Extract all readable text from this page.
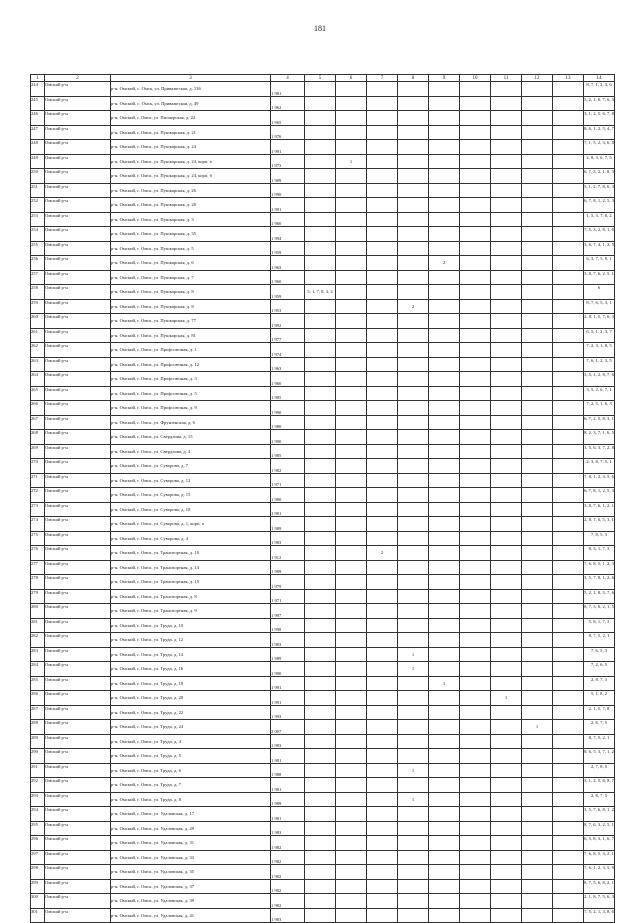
181
1	2	3	4	5	6	7	8	9	10	11	12	13	14
244	Омский р-н	р-н. Омский, с. Омск, ул. Приважеская, д. 136	1 981										8, 7, 1, 2, 3, 6
245	Омский р-н	р-н. Омский, с. Омск, ул. Приважеская, д. 49	1 962										5, 2, 1, 6, 7, 6, 3
246	Омский р-н	р-н. Омский, г. Омск, ул. Пионерская, д. 22	1 965										3, 1, 2, 5, 6, 7, 8
247	Омский р-н	р-н. Омский, г. Омск, ул. Пушкарская, д. 21	1 976										8, 6, 1, 2, 5, 4, 7
248	Омский р-н	р-н. Омский, г. Омск, ул. Пушкарская, д. 24	1 991										7, 1, 5, 2, 3, 6, 8
249	Омский р-н	р-н. Омский, г. Омск, ул. Пушкарская, д. 24, корп. а	1 973		1								2, 8, 3, 6, 7, 5
250	Омский р-н	р-н. Омский, г. Омск, ул. Пушкарская, д. 24, корп. б	1 989										6, 7, 5, 2, 1, 8, 3
251	Омский р-н	р-н. Омский, г. Омск, ул. Пушкарская, д. 26	1 990										5, 1, 2, 7, 8, 6, 3
252	Омский р-н	р-н. Омский, г. Омск, ул. Пушкарская, д. 28	1 991										6, 7, 8, 1, 2, 5, 3
253	Омский р-н	р-н. Омский, г. Омск, ул. Пушкарская, д. 3	1 960										1, 5, 3, 7, 8, 2
254	Омский р-н	р-н. Омский, г. Омск, ул. Пушкарская, д. 35	1 994										7, 5, 3, 2, 8, 1, 6
255	Омский р-н	р-н. Омский, г. Омск, ул. Пушкарская, д. 5	1 959										3, 6, 7, 4, 1, 2, 5
256	Омский р-н	р-н. Омский, г. Омск, ул. Пушкарская, д. 6	1 963					2					6, 3, 7, 5, 8, 1
257	Омский р-н	р-н. Омский, г. Омск, ул. Пушкарская, д. 7	1 960										3, 8, 7, 6, 2, 5, 1
258	Омский р-н	р-н. Омский, г. Омск, ул. Пушкарская, д. 8	1 959	5, 1, 7, 8, 3, 2									6
259	Омский р-н	р-н. Омский, г. Омск, ул. Пушкарская, д. 8	1 953				2						8, 7, 6, 5, 3, 1
260	Омский р-н	р-н. Омский, г. Омск, ул. Пушкарская, д. 77	1 992										2, 8, 1, 5, 7, 6, 3
261	Омский р-н	р-н. Омский, г. Омск, ул. Пушкарская, д. 81	1 977										6, 5, 1, 2, 3, 7
262	Омский р-н	р-н. Омский, г. Омск, ул. Профсоюзная, д. 1	1 974										7, 2, 3, 1, 8, 5
263	Омский р-н	р-н. Омский, г. Омск, ул. Профсоюзная, д. 12	1 963										7, 6, 1, 2, 3, 5
264	Омский р-н	р-н. Омский, г. Омск, ул. Профсоюзная, д. 3	1 960										3, 5, 1, 2, 8, 7, 6
265	Омский р-н	р-н. Омский, г. Омск, ул. Профсоюзная, д. 5	1 985										3, 5, 2, 6, 7, 1
266	Омский р-н	р-н. Омский, г. Омск, ул. Профсоюзная, д. 9	1 990										7, 2, 5, 1, 6, 3
267	Омский р-н	р-н. Омский, г. Омск, ул. Фрунзенская, д. 6	1 980										6, 7, 2, 5, 8, 3, 1
268	Омский р-н	р-н. Омский, г. Омск, ул. Свердлова, д. 15	1 990										8, 2, 3, 7, 1, 6, 5
269	Омский р-н	р-н. Омский, г. Омск, ул. Свердлова, д. 4	1 985										1, 5, 6, 3, 7, 2, 8
270	Омский р-н	р-н. Омский, г. Омск, ул. Суворова, д. 7	1 982										2, 3, 8, 7, 5, 1
271	Омский р-н	р-н. Омский, г. Омск, ул. Суворова, д. 12	1 971										7, 8, 1, 2, 3, 5, 6
272	Омский р-н	р-н. Омский, г. Омск, ул. Суворова, д. 15	1 980										6, 7, 8, 1, 2, 5, 3
273	Омский р-н	р-н. Омский, г. Омск, ул. Суворова, д. 18	1 981										3, 8, 7, 6, 1, 2, 1
274	Омский р-н	р-н. Омский, г. Омск, ул. Суворова, д. 1, корп. а	1 989										2, 8, 7, 6, 5, 3, 1
275	Омский р-н	р-н. Омский, г. Омск, ул. Суворова, д. 4	1 983										7, 8, 5, 3
276	Омский р-н	р-н. Омский, г. Омск, ул. Транспортная, д. 10	1 912			2							8, 3, 1, 7, 3
277	Омский р-н	р-н. Омский, г. Омск, ул. Транспортная, д. 14	1 989										7, 6, 8, 5, 1, 2, 3
278	Омский р-н	р-н. Омский, г. Омск, ул. Транспортная, д. 15	1 979										3, 5, 7, 8, 1, 2, 6
279	Омский р-н	р-н. Омский, г. Омск, ул. Транспортная, д. 8	1 971										5, 2, 1, 8, 3, 7, 6
280	Омский р-н	р-н. Омский, г. Омск, ул. Транспортная, д. 9	1 997										8, 7, 3, 6, 2, 1, 5
281	Омский р-н	р-н. Омский, г. Омск, ул. Труда, д. 10	1 998										5, 8, 1, 7, 3
282	Омский р-н	р-н. Омский, г. Омск, ул. Труда, д. 12	1 983										8, 7, 5, 2, 1
283	Омский р-н	р-н. Омский, г. Омск, ул. Труда, д. 14	1 989				1						7, 6, 5, 3
284	Омский р-н	р-н. Омский, г. Омск, ул. Труда, д. 16	1 990				1						7, 2, 6, 5
285	Омский р-н	р-н. Омский, г. Омск, ул. Труда, д. 18	1 991					1					2, 8, 7, 3
286	Омский р-н	р-н. Омский, г. Омск, ул. Труда, д. 20	1 991							1			5, 1, 8, 2
287	Омский р-н	р-н. Омский, г. Омск, ул. Труда, д. 22	1 993										2, 1, 5, 7, 8
288	Омский р-н	р-н. Омский, г. Омск, ул. Труда, д. 24	2 007								1		2, 6, 7, 5
289	Омский р-н	р-н. Омский, г. Омск, ул. Труда, д. 4	1 983										8, 7, 5, 2, 1
290	Омский р-н	р-н. Омский, г. Омск, ул. Труда, д. 5	1 981										8, 6, 5, 3, 7, 1, 2
291	Омский р-н	р-н. Омский, г. Омск, ул. Труда, д. 6	1 988				1						2, 7, 8, 5
292	Омский р-н	р-н. Омский, г. Омск, ул. Труда, д. 7	1 981										3, 1, 2, 5, 6, 8, 7
293	Омский р-н	р-н. Омский, г. Омск, ул. Труда, д. 8	1 989				1						2, 8, 7, 5
294	Омский р-н	р-н. Омский, г. Омск, ул. Удаловская, д. 17	1 981										3, 5, 7, 6, 8, 1, 2
295	Омский р-н	р-н. Омский, г. Омск, ул. Удаловская, д. 29	1 983										8, 7, 6, 3, 2, 5, 1
296	Омский р-н	р-н. Омский, г. Омск, ул. Удаловская, д. 31	1 982										6, 5, 8, 3, 1, 6, 7
297	Омский р-н	р-н. Омский, г. Омск, ул. Удаловская, д. 33	1 982										7, 6, 8, 5, 3, 2, 1
298	Омский р-н	р-н. Омский, г. Омск, ул. Удаловская, д. 35	1 982										7, 6, 1, 2, 3, 5, 8
299	Омский р-н	р-н. Омский, г. Омск, ул. Удаловская, д. 37	1 982										8, 7, 5, 6, 8, 2, 1
300	Омский р-н	р-н. Омский, г. Омск, ул. Удаловская, д. 39	1 982										2, 1, 8, 7, 5, 6, 3
301	Омский р-н	р-н. Омский, г. Омск, ул. Удаловская, д. 41	1 983										7, 5, 2, 1, 3, 8, 6
